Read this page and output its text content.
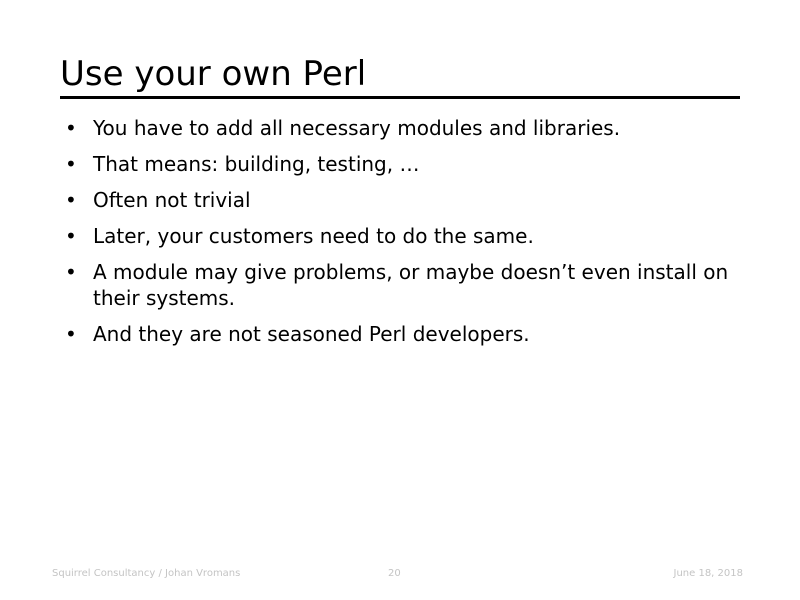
Use your own Perl
• You have to add all necessary modules and libraries.
• That means: building, testing, …
• Often not trivial
• Later, your customers need to do the same.
• A module may give problems, or maybe doesn’t even install on their systems.
• And they are not seasoned Perl developers.
Squirrel Consultancy / Johan Vromans	20	June 18, 2018
